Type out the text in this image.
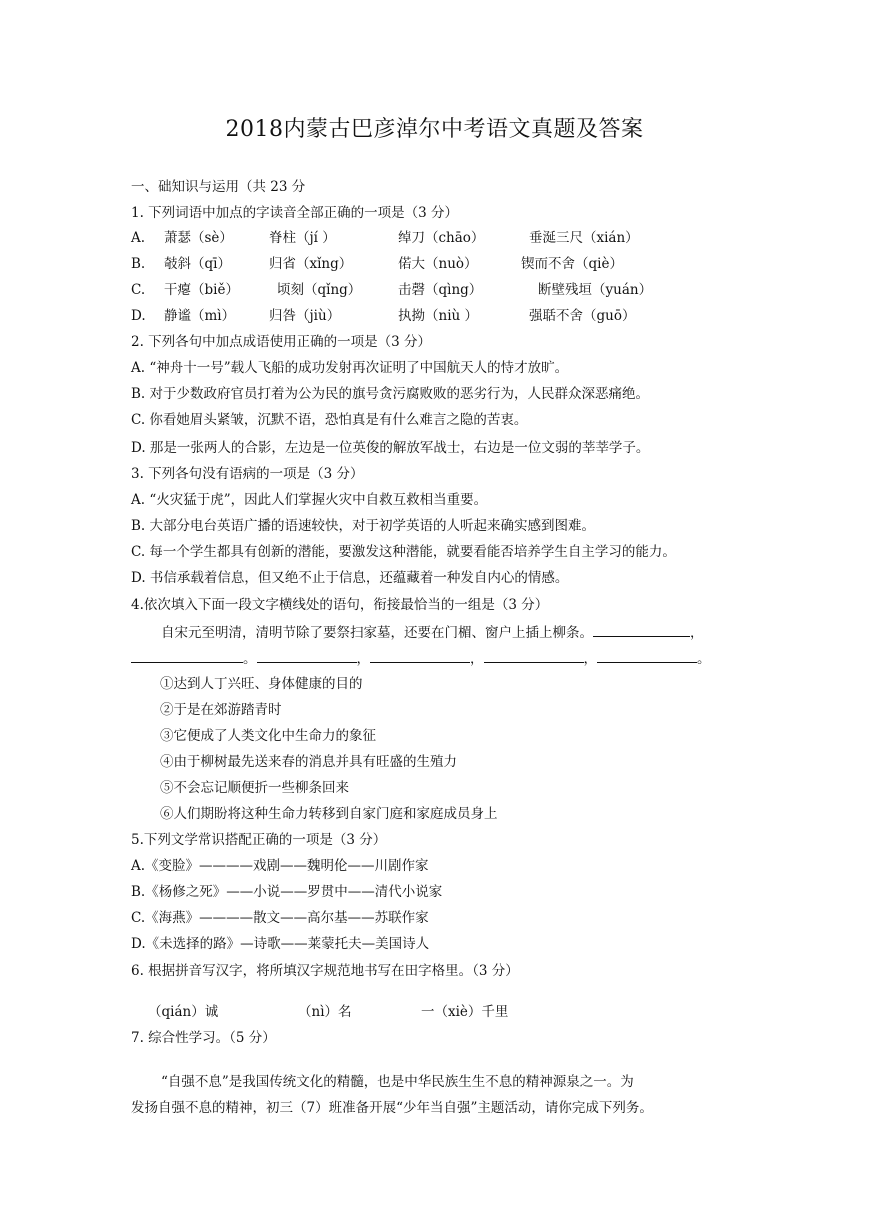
2018内蒙古巴彦淖尔中考语文真题及答案
一、础知识与运用（共 23 分
1. 下列词语中加点的字读音全部正确的一项是（3 分）
A. 萧瑟（sè）	脊柱（jí ）	绰刀（chāo）	垂涎三尺（xián）
B. 攲斜（qī）	归省（xǐng）	偌大（nuò）	锲而不舍（qiè）
C. 干瘪（biě）	顷刻（qǐng）	击磬（qìng）	断壁残垣（yuán）
D. 静谧（mì）	归咎（jiù）	执拗（niù ）	强聒不舍（guō）
2. 下列各句中加点成语使用正确的一项是（3 分）
A. “神舟十一号”载人飞船的成功发射再次证明了中国航天人的恃才放旷。
B. 对于少数政府官员打着为公为民的旗号贪污腐败败的恶劣行为，人民群众深恶痛绝。
C. 你看她眉头紧皱，沉默不语，恐怕真是有什么难言之隐的苦衷。
D. 那是一张两人的合影，左边是一位英俊的解放军战士，右边是一位文弱的莘莘学子。
3. 下列各句没有语病的一项是（3 分）
A. “火灾猛于虎”，因此人们掌握火灾中自救互救相当重要。
B. 大部分电台英语广播的语速较快，对于初学英语的人听起来确实感到图难。
C. 每一个学生都具有创新的潜能，要激发这种潜能，就要看能否培养学生自主学习的能力。
D. 书信承载着信息，但又绝不止于信息，还蕴藏着一种发自内心的情感。
4.依次填入下面一段文字横线处的语句，衔接最恰当的一组是（3 分）
自宋元至明清，清明节除了要祭扫家墓，还要在门楣、窗户上插上柳条。	，
。	，	，	，	。
①达到人丁兴旺、身体健康的目的
②于是在郊游踏青时
③它便成了人类文化中生命力的象征
④由于柳树最先送来春的消息并具有旺盛的生殖力
⑤不会忘记顺便折一些柳条回来
⑥人们期盼将这种生命力转移到自家门庭和家庭成员身上
5.下列文学常识搭配正确的一项是（3 分）
A.《变脸》————戏剧——魏明伦——川剧作家
B.《杨修之死》——小说——罗贯中——清代小说家
C.《海燕》————散文——高尔基——苏联作家
D.《未选择的路》—诗歌——莱蒙托夫—美国诗人
6. 根据拼音写汉字，将所填汉字规范地书写在田字格里。（3 分）
（qián）诚	（nì）名	一（xiè）千里
7. 综合性学习。（5 分）
“自强不息”是我国传统文化的精髓，也是中华民族生生不息的精神源泉之一。为
发扬自强不息的精神，初三（7）班准备开展“少年当自强”主题活动，请你完成下列务。
